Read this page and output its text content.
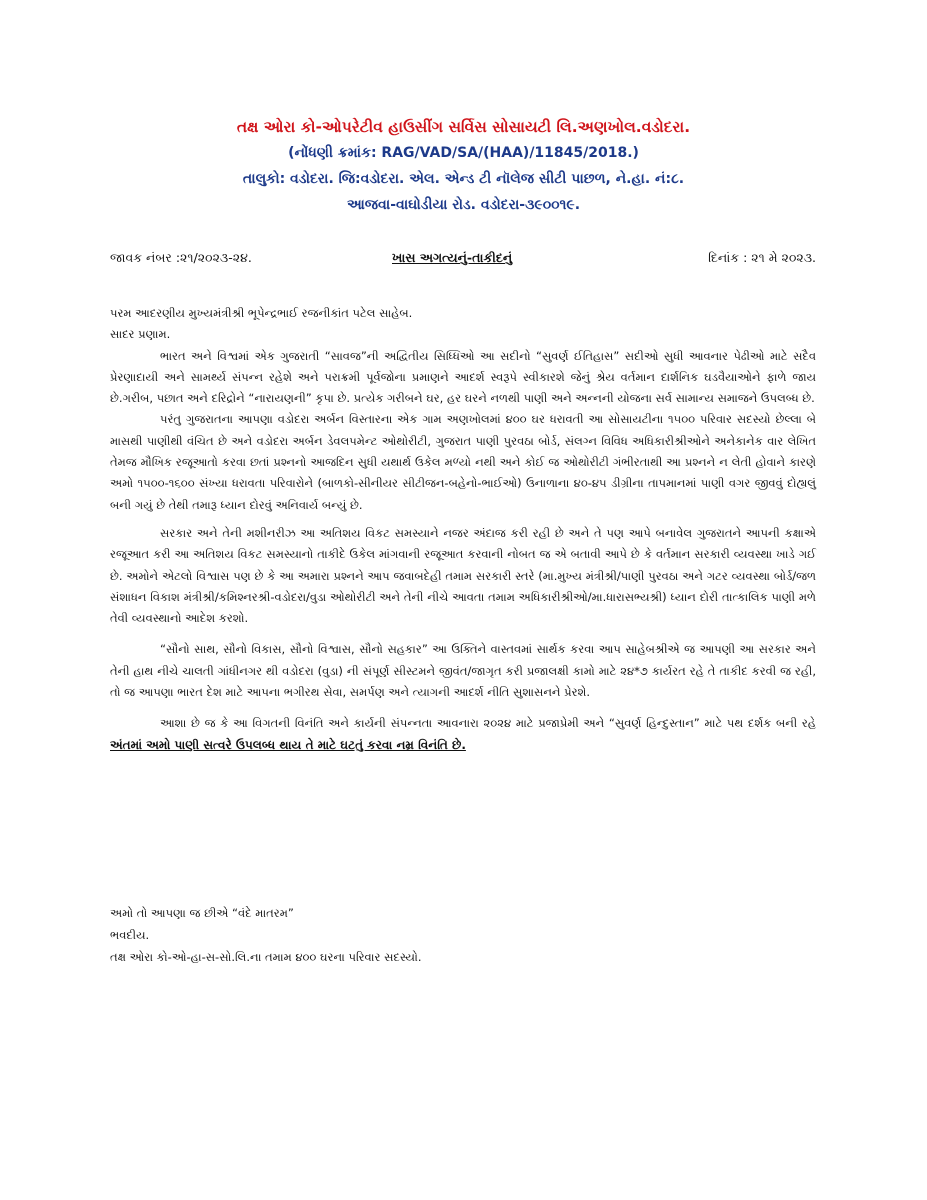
તક્ષ ઓરા કો-ઓપરેટીવ હાઉસીંગ સર્વિસ સોસાયટી લિ.અણખોલ.વડોદરા.
(નોંધણી ક્રમાંક: RAG/VAD/SA/(HAA)/11845/2018.)
તાલુકો: વડોદરા. જિ:વડોદરા. એલ. એન્ડ ટી નૉલેજ સીટી પાછળ, ને.હા. નં:૮.
આજવા-વાઘોડીયા રોડ. વડોદરા-૩૯૦૦૧૯.
જાવક નંબર :૨૧/૨૦૨૩-૨૪.	ખાસ અગત્યનું-તાકીદનું	દિનાંક : ૨૧ મે ૨૦૨૩.

પરમ આદરણીય મુખ્યમંત્રીશ્રી ભૂપેન્દ્રભાઈ રજનીકાંત પટેલ સાહેબ.

સાદર પ્રણામ.

ભારત અને વિશ્વમાં એક ગુજરાતી “સાવજ”ની અદ્વિતીય સિધ્ધિઓ આ સદીનો “સુવર્ણ ઈતિહાસ” સદીઓ સુધી આવનાર પેઢીઓ માટે સદૈવ પ્રેરણાદાયી અને સામર્થ્ય સંપન્ન રહેશે અને પરાક્રમી પૂર્વજોના પ્રમાણને આદર્શ સ્વરૂપે સ્વીકારશે જેનું શ્રેય વર્તમાન દાર્શનિક ઘડવૈયાઓને ફાળે જાય છે.ગરીબ, પછાત અને દરિદ્રોને “નારાયણની” કૃપા છે. પ્રત્યેક ગરીબને ઘર, હર ઘરને નળથી પાણી અને અન્નની યોજના સર્વ સામાન્ય સમાજને ઉપલબ્ધ છે.

પરંતુ ગુજરાતના આપણા વડોદરા અર્બન વિસ્તારના એક ગામ અણખોલમાં ૪૦૦ ઘર ધરાવતી આ સોસાયટીના ૧૫૦૦ પરિવાર સદસ્યો છેલ્લા બે માસથી પાણીથી વંચિત છે અને વડોદરા અર્બન ડેવલપમેન્ટ ઓથોરીટી, ગુજરાત પાણી પુરવઠા બોર્ડ, સંલગ્ન વિવિધ અધિકારીશ્રીઓને અનેકાનેક વાર લેખિત તેમજ મૌખિક રજૂઆતો કરવા છતાં પ્રશ્નનો આજદિન સુધી યથાર્થ ઉકેલ મળ્યો નથી અને કોઈ જ ઓથોરીટી ગંભીરતાથી આ પ્રશ્નને ન લેતી હોવાને કારણે અમો ૧૫૦૦-૧૬૦૦ સંખ્યા ધરાવતા પરિવારોને (બાળકો-સીનીયર સીટીજન-બહેનો-ભાઈઓ) ઉનાળાના ૪૦-૪૫ ડીગ્રીના તાપમાનમાં પાણી વગર જીવવું દોહ્યલું બની ગયું છે તેથી તમારૂ ધ્યાન દોરવું અનિવાર્ય બન્યું છે.

સરકાર અને તેની મશીનરીઝ આ અતિશય વિકટ સમસ્યાને નજર અંદાજ કરી રહી છે અને તે પણ આપે બનાવેલ ગુજરાતને આપની કક્ષાએ રજૂઆત કરી આ અતિશય વિકટ સમસ્યાનો તાકીદે ઉકેલ માંગવાની રજૂઆત કરવાની નોબત જ એ બતાવી આપે છે કે વર્તમાન સરકારી વ્યવસ્થા ખાડે ગઈ છે. અમોને એટલો વિશ્વાસ પણ છે કે આ અમારા પ્રશ્નને આપ જવાબદેહી તમામ સરકારી સ્તરે (મા.મુખ્ય મંત્રીશ્રી/પાણી પુરવઠા અને ગટર વ્યવસ્થા બોર્ડ/જળ સંશાધન વિકાશ મંત્રીશ્રી/કમિશ્નરશ્રી-વડોદરા/વુડા ઓથોરીટી અને તેની નીચે આવતા તમામ અધિકારીશ્રીઓ/મા.ધારાસભ્યશ્રી) ધ્યાન દોરી તાત્કાલિક પાણી મળે તેવી વ્યવસ્થાનો આદેશ કરશો.

“સૌનો સાથ, સૌનો વિકાસ, સૌનો વિશ્વાસ, સૌનો સહકાર” આ ઉક્તિને વાસ્તવમાં સાર્થક કરવા આપ સાહેબશ્રીએ જ આપણી આ સરકાર અને તેની હાથ નીચે ચાલતી ગાંધીનગર થી વડોદરા (વુડા) ની સંપૂર્ણ સીસ્ટમને જીવંત/જાગૃત કરી પ્રજાલક્ષી કામો માટે ૨૪*૭ કાર્યરત રહે તે તાકીદ કરવી જ રહી, તો જ આપણા ભારત દેશ માટે આપના ભગીરથ સેવા, સમર્પણ અને ત્યાગની આદર્શ નીતિ સુશાસનને પ્રેરશે.

આશા છે જ કે આ વિગતની વિનંતિ અને કાર્યની સંપન્નતા આવનારા ૨૦૨૪ માટે પ્રજાપ્રેમી અને “સુવર્ણ હિન્દુસ્તાન” માટે પથ દર્શક બની રહે અંતમાં અમો પાણી સત્વરે ઉપલબ્ધ થાય તે માટે ઘટતું કરવા નમ્ર વિનંતિ છે.

અમો તો આપણા જ છીએ “વંદે માતરમ”

ભવદીય.

તક્ષ ઓરા કો-ઓ-હા-સ-સો.લિ.ના તમામ ૪૦૦ ઘરના પરિવાર સદસ્યો.
